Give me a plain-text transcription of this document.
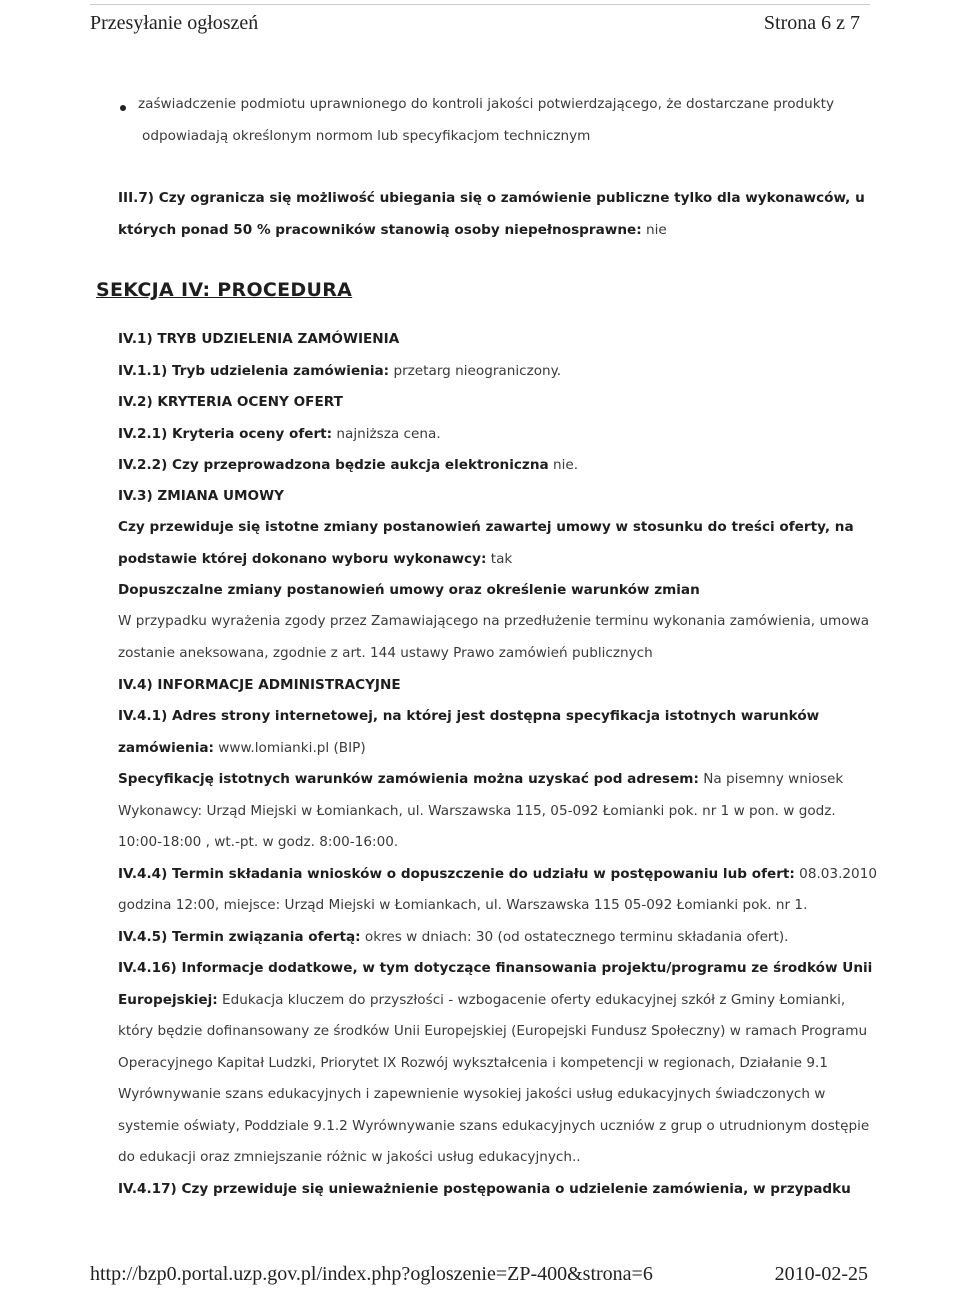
Przesyłanie ogłoszeń	Strona 6 z 7
zaświadczenie podmiotu uprawnionego do kontroli jakości potwierdzającego, że dostarczane produkty
odpowiadają określonym normom lub specyfikacjom technicznym
III.7) Czy ogranicza się możliwość ubiegania się o zamówienie publiczne tylko dla wykonawców, u
których ponad 50 % pracowników stanowią osoby niepełnosprawne: nie
SEKCJA IV: PROCEDURA
IV.1) TRYB UDZIELENIA ZAMÓWIENIA
IV.1.1) Tryb udzielenia zamówienia: przetarg nieograniczony.
IV.2) KRYTERIA OCENY OFERT
IV.2.1) Kryteria oceny ofert: najniższa cena.
IV.2.2) Czy przeprowadzona będzie aukcja elektroniczna nie.
IV.3) ZMIANA UMOWY
Czy przewiduje się istotne zmiany postanowień zawartej umowy w stosunku do treści oferty, na
podstawie której dokonano wyboru wykonawcy: tak
Dopuszczalne zmiany postanowień umowy oraz określenie warunków zmian
W przypadku wyrażenia zgody przez Zamawiającego na przedłużenie terminu wykonania zamówienia, umowa
zostanie aneksowana, zgodnie z art. 144 ustawy Prawo zamówień publicznych
IV.4) INFORMACJE ADMINISTRACYJNE
IV.4.1) Adres strony internetowej, na której jest dostępna specyfikacja istotnych warunków
zamówienia: www.lomianki.pl (BIP)
Specyfikację istotnych warunków zamówienia można uzyskać pod adresem: Na pisemny wniosek
Wykonawcy: Urząd Miejski w Łomiankach, ul. Warszawska 115, 05-092 Łomianki pok. nr 1 w pon. w godz.
10:00-18:00 , wt.-pt. w godz. 8:00-16:00.
IV.4.4) Termin składania wniosków o dopuszczenie do udziału w postępowaniu lub ofert: 08.03.2010
godzina 12:00, miejsce: Urząd Miejski w Łomiankach, ul. Warszawska 115 05-092 Łomianki pok. nr 1.
IV.4.5) Termin związania ofertą: okres w dniach: 30 (od ostatecznego terminu składania ofert).
IV.4.16) Informacje dodatkowe, w tym dotyczące finansowania projektu/programu ze środków Unii
Europejskiej: Edukacja kluczem do przyszłości - wzbogacenie oferty edukacyjnej szkół z Gminy Łomianki,
który będzie dofinansowany ze środków Unii Europejskiej (Europejski Fundusz Społeczny) w ramach Programu
Operacyjnego Kapitał Ludzki, Priorytet IX Rozwój wykształcenia i kompetencji w regionach, Działanie 9.1
Wyrównywanie szans edukacyjnych i zapewnienie wysokiej jakości usług edukacyjnych świadczonych w
systemie oświaty, Poddziale 9.1.2 Wyrównywanie szans edukacyjnych uczniów z grup o utrudnionym dostępie
do edukacji oraz zmniejszanie różnic w jakości usług edukacyjnych..
IV.4.17) Czy przewiduje się unieważnienie postępowania o udzielenie zamówienia, w przypadku
http://bzp0.portal.uzp.gov.pl/index.php?ogloszenie=ZP-400&strona=6	2010-02-25
